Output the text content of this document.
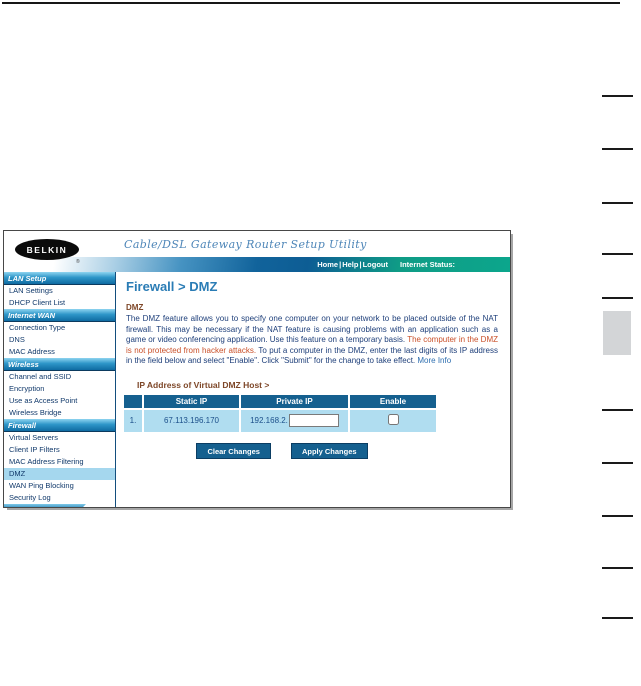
BELKIN
®
Cable/DSL Gateway Router Setup Utility
Home | Help | Logout Internet Status:
LAN Setup
LAN Settings
DHCP Client List
Internet WAN
Connection Type
DNS
MAC Address
Wireless
Channel and SSID
Encryption
Use as Access Point
Wireless Bridge
Firewall
Virtual Servers
Client IP Filters
MAC Address Filtering
DMZ
WAN Ping Blocking
Security Log
Firewall > DMZ
DMZ
The DMZ feature allows you to specify one computer on your network to be placed outside of the NAT firewall. This may be necessary if the NAT feature is causing problems with an application such as a game or video conferencing application. Use this feature on a temporary basis. The computer in the DMZ is not protected from hacker attacks. To put a computer in the DMZ, enter the last digits of its IP address in the field below and select "Enable". Click "Submit" for the change to take effect. More Info
IP Address of Virtual DMZ Host >
	Static IP	Private IP	Enable
1.	67.113.196.170	192.168.2.

Clear Changes	Apply Changes
